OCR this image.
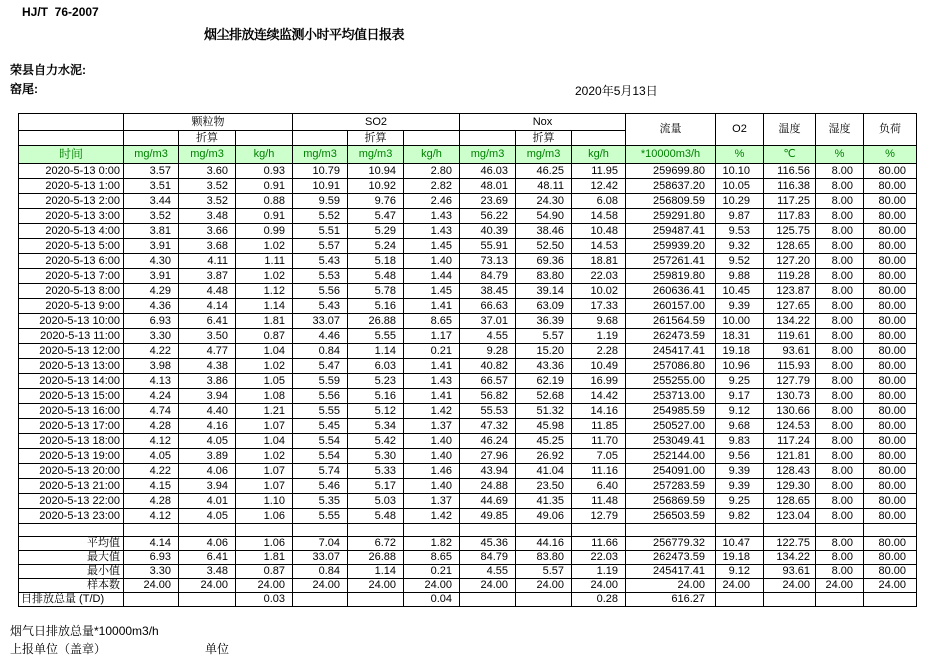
HJ/T  76-2007
烟尘排放连续监测小时平均值日报表
荣县自力水泥:
窑尾:	2020年5月13日
	颗粒物			SO2			Nox			流量	O2	温度	湿度	负荷
		折算			折算			折算						
时间	mg/m3	mg/m3	kg/h	mg/m3	mg/m3	kg/h	mg/m3	mg/m3	kg/h	*10000m3/h	%	℃	%	%
2020-5-13 0:00	3.57	3.60	0.93	10.79	10.94	2.80	46.03	46.25	11.95	259699.80	10.10	116.56	8.00	80.00
2020-5-13 1:00	3.51	3.52	0.91	10.91	10.92	2.82	48.01	48.11	12.42	258637.20	10.05	116.38	8.00	80.00
2020-5-13 2:00	3.44	3.52	0.88	9.59	9.76	2.46	23.69	24.30	6.08	256809.59	10.29	117.25	8.00	80.00
2020-5-13 3:00	3.52	3.48	0.91	5.52	5.47	1.43	56.22	54.90	14.58	259291.80	9.87	117.83	8.00	80.00
2020-5-13 4:00	3.81	3.66	0.99	5.51	5.29	1.43	40.39	38.46	10.48	259487.41	9.53	125.75	8.00	80.00
2020-5-13 5:00	3.91	3.68	1.02	5.57	5.24	1.45	55.91	52.50	14.53	259939.20	9.32	128.65	8.00	80.00
2020-5-13 6:00	4.30	4.11	1.11	5.43	5.18	1.40	73.13	69.36	18.81	257261.41	9.52	127.20	8.00	80.00
2020-5-13 7:00	3.91	3.87	1.02	5.53	5.48	1.44	84.79	83.80	22.03	259819.80	9.88	119.28	8.00	80.00
2020-5-13 8:00	4.29	4.48	1.12	5.56	5.78	1.45	38.45	39.14	10.02	260636.41	10.45	123.87	8.00	80.00
2020-5-13 9:00	4.36	4.14	1.14	5.43	5.16	1.41	66.63	63.09	17.33	260157.00	9.39	127.65	8.00	80.00
2020-5-13 10:00	6.93	6.41	1.81	33.07	26.88	8.65	37.01	36.39	9.68	261564.59	10.00	134.22	8.00	80.00
2020-5-13 11:00	3.30	3.50	0.87	4.46	5.55	1.17	4.55	5.57	1.19	262473.59	18.31	119.61	8.00	80.00
2020-5-13 12:00	4.22	4.77	1.04	0.84	1.14	0.21	9.28	15.20	2.28	245417.41	19.18	93.61	8.00	80.00
2020-5-13 13:00	3.98	4.38	1.02	5.47	6.03	1.41	40.82	43.36	10.49	257086.80	10.96	115.93	8.00	80.00
2020-5-13 14:00	4.13	3.86	1.05	5.59	5.23	1.43	66.57	62.19	16.99	255255.00	9.25	127.79	8.00	80.00
2020-5-13 15:00	4.24	3.94	1.08	5.56	5.16	1.41	56.82	52.68	14.42	253713.00	9.17	130.73	8.00	80.00
2020-5-13 16:00	4.74	4.40	1.21	5.55	5.12	1.42	55.53	51.32	14.16	254985.59	9.12	130.66	8.00	80.00
2020-5-13 17:00	4.28	4.16	1.07	5.45	5.34	1.37	47.32	45.98	11.85	250527.00	9.68	124.53	8.00	80.00
2020-5-13 18:00	4.12	4.05	1.04	5.54	5.42	1.40	46.24	45.25	11.70	253049.41	9.83	117.24	8.00	80.00
2020-5-13 19:00	4.05	3.89	1.02	5.54	5.30	1.40	27.96	26.92	7.05	252144.00	9.56	121.81	8.00	80.00
2020-5-13 20:00	4.22	4.06	1.07	5.74	5.33	1.46	43.94	41.04	11.16	254091.00	9.39	128.43	8.00	80.00
2020-5-13 21:00	4.15	3.94	1.07	5.46	5.17	1.40	24.88	23.50	6.40	257283.59	9.39	129.30	8.00	80.00
2020-5-13 22:00	4.28	4.01	1.10	5.35	5.03	1.37	44.69	41.35	11.48	256869.59	9.25	128.65	8.00	80.00
2020-5-13 23:00	4.12	4.05	1.06	5.55	5.48	1.42	49.85	49.06	12.79	256503.59	9.82	123.04	8.00	80.00

平均值	4.14	4.06	1.06	7.04	6.72	1.82	45.36	44.16	11.66	256779.32	10.47	122.75	8.00	80.00
最大值	6.93	6.41	1.81	33.07	26.88	8.65	84.79	83.80	22.03	262473.59	19.18	134.22	8.00	80.00
最小值	3.30	3.48	0.87	0.84	1.14	0.21	4.55	5.57	1.19	245417.41	9.12	93.61	8.00	80.00
样本数	24.00	24.00	24.00	24.00	24.00	24.00	24.00	24.00	24.00	24.00	24.00	24.00	24.00	24.00
日排放总量 (T/D)			0.03			0.04			0.28	616.27				
烟气日排放总量*10000m3/h
上报单位（盖章）	单位
